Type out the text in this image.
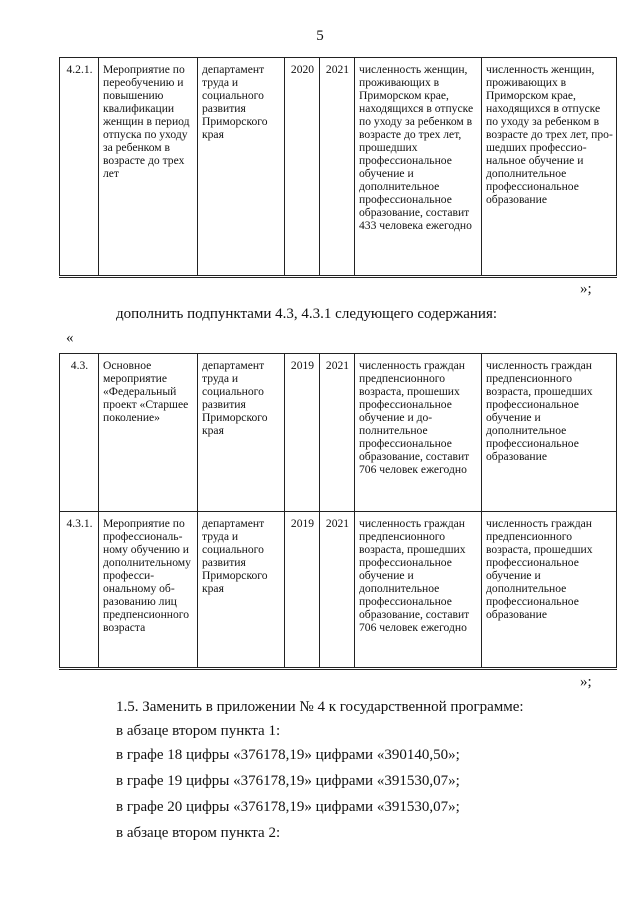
5
4.2.1.	Мероприятие по переобучению и повышению квалификации женщин в период отпуска по уходу за ребенком в возрасте до трех лет	департамент труда и социального развития Приморского края	2020	2021	численность женщин, проживающих в Приморском крае, находящихся в отпуске по уходу за ребенком в возрасте до трех лет, прошедших профессиональное обучение и дополнительное профессиональное образование, составит 433 человека ежегодно	численность женщин, проживающих в Приморском крае, находящихся в отпуске по уходу за ребенком в возрасте до трех лет, прошедших профессиональное обучение и дополнительное профессиональное образование
»;
дополнить подпунктами 4.3, 4.3.1 следующего содержания:
«
4.3.	Основное мероприятие «Федеральный проект «Старшее поколение»	департамент труда и социального развития Приморского края	2019	2021	численность граждан предпенсионного возраста, прошеших профессиональное обучение и дополнительное профессиональное образование, составит 706 человек ежегодно	численность граждан предпенсионного возраста, прошедших профессиональное обучение и дополнительное профессиональное образование
4.3.1.	Мероприятие по профессиональному обучению и дополнительному профессиональному образованию лиц предпенсионного возраста	департамент труда и социального развития Приморского края	2019	2021	численность граждан предпенсионного возраста, прошедших профессиональное обучение и дополнительное профессиональное образование, составит 706 человек ежегодно	численность граждан предпенсионного возраста, прошедших профессиональное обучение и дополнительное профессиональное образование
»;
1.5. Заменить в приложении № 4 к государственной программе:
в абзаце втором пункта 1:
в графе 18 цифры «376178,19» цифрами «390140,50»;
в графе 19 цифры «376178,19» цифрами «391530,07»;
в графе 20 цифры «376178,19» цифрами «391530,07»;
в абзаце втором пункта 2:
